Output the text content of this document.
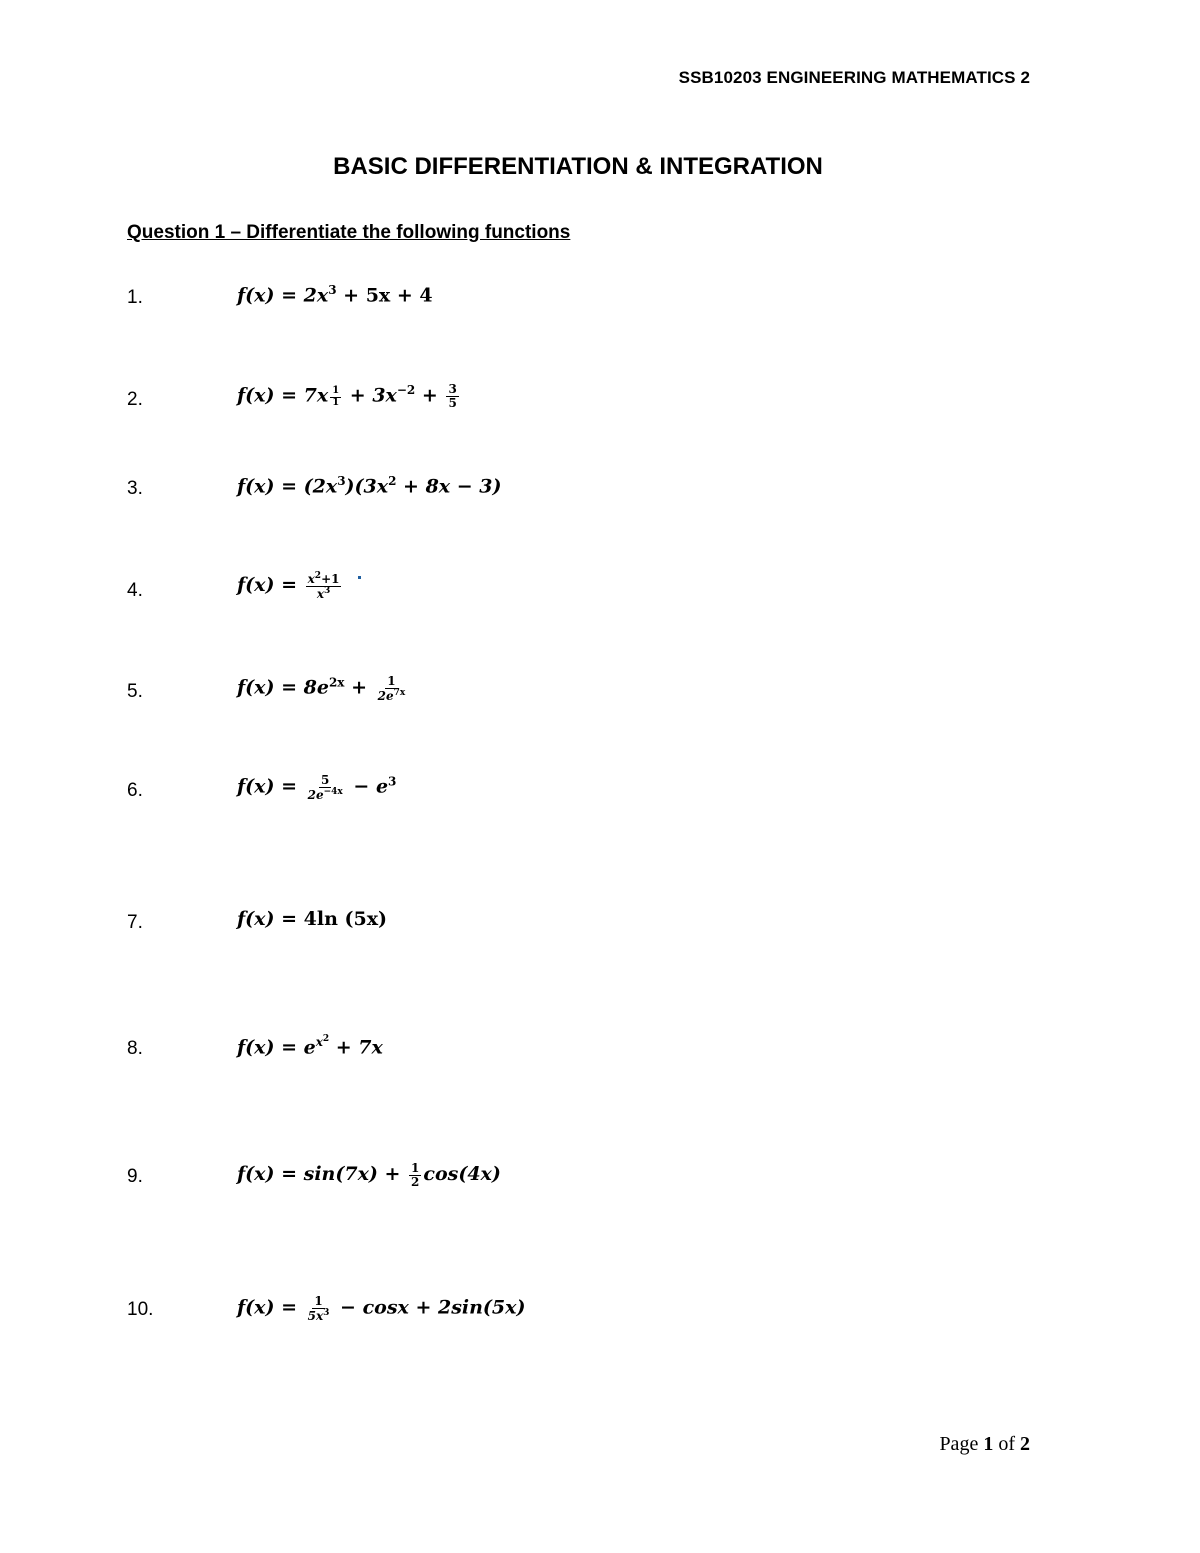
SSB10203 ENGINEERING MATHEMATICS 2
BASIC DIFFERENTIATION & INTEGRATION
Question 1 – Differentiate the following functions
1.	$f(x) = 2x^3 + 5x + 4$
2.	$f(x) = 7x \frac{1}{1} + 3x^{-2} + \frac{3}{5}$
3.	$f(x) = (2x^3)(3x^2 + 8x - 3)$
4.	$f(x) = \frac{x^2+1}{x^3}$

5.	$f(x) = 8e^{2x} + \frac{1}{2e^{7x}}$
6.	$f(x) = \frac{5}{2e^{-4x}} - e^3$
7.	f(x) = 4ln (5x)
8.	$f(x) = e^{x^2} + 7x$
9.	$f(x) = \sin(7x) + \frac{1}{2} \cos(4x)$
10.	$f(x) = \frac{1}{5x^3} - \cos x + 2\sin(5x)$
Page 1 of 2
